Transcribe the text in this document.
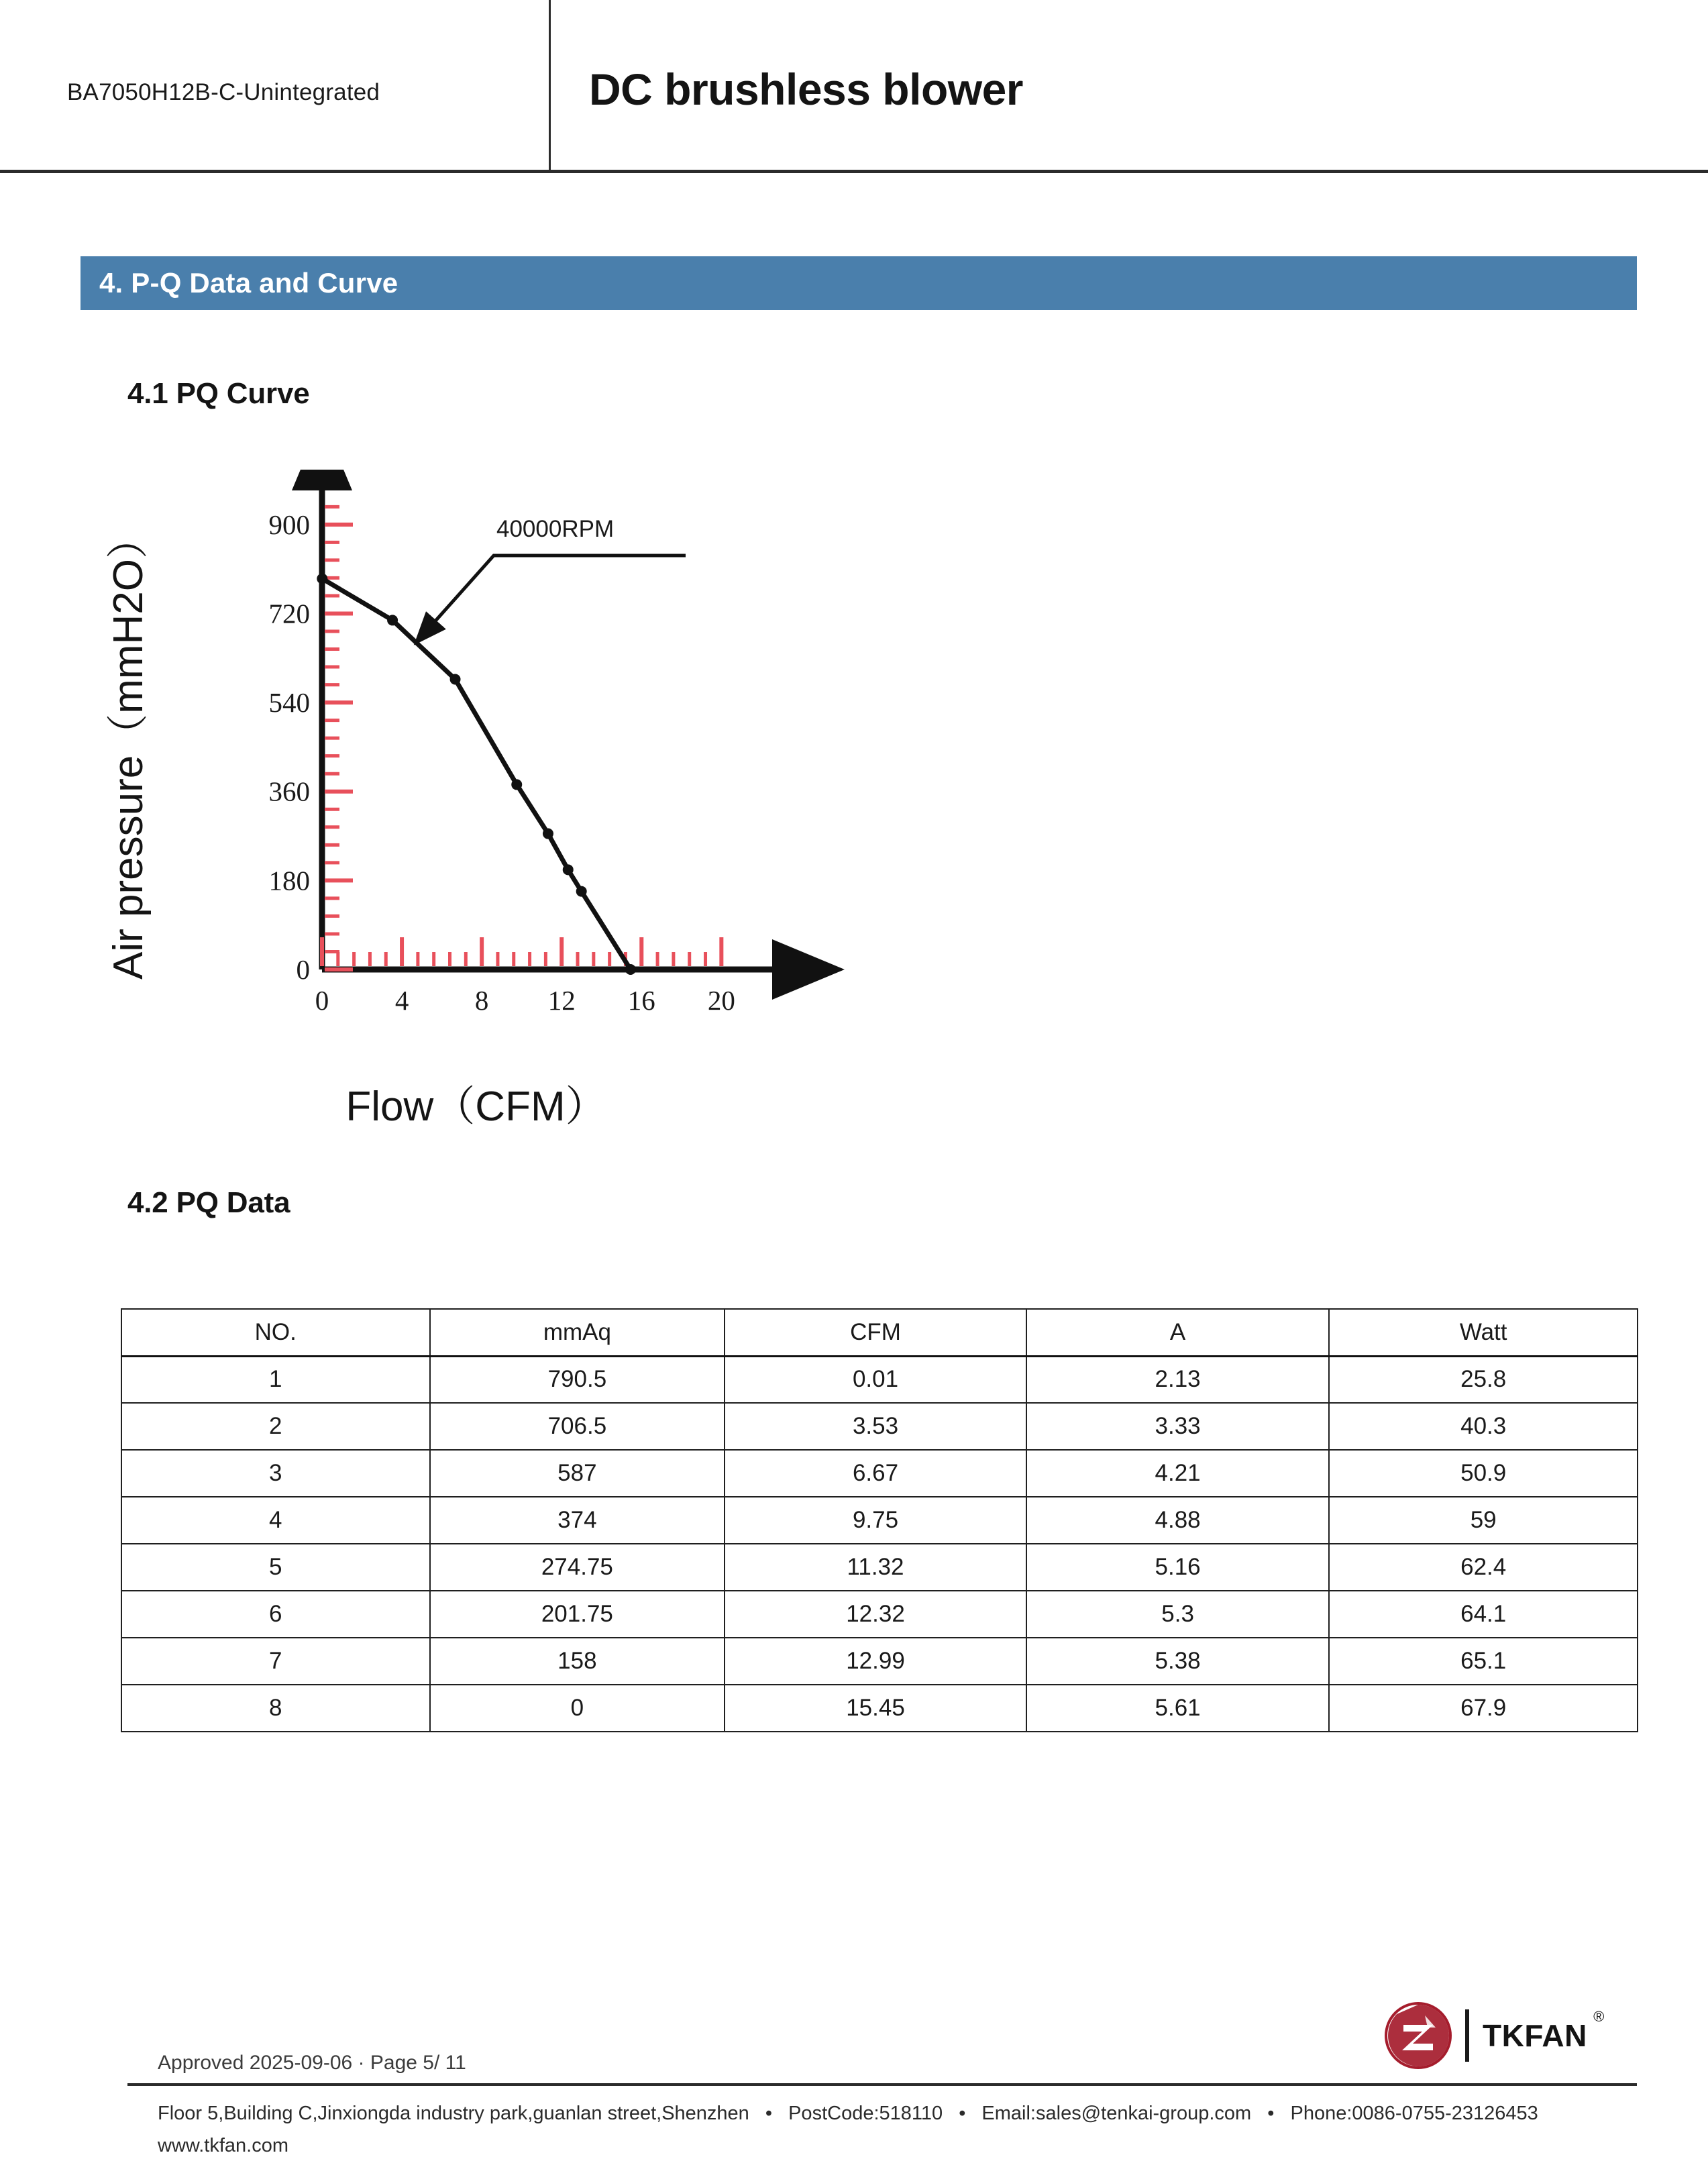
BA7050H12B-C-Unintegrated	DC brushless blower
4. P-Q Data and Curve
4.1 PQ Curve
Air pressure（mmH2O）
Flow（CFM）
0
180
360
540
720
900
0 4 8 12 16 20
40000RPM
4.2 PQ Data
NO.	mmAq	CFM	A	Watt
1	790.5	0.01	2.13	25.8
2	706.5	3.53	3.33	40.3
3	587	6.67	4.21	50.9
4	374	9.75	4.88	59
5	274.75	11.32	5.16	62.4
6	201.75	12.32	5.3	64.1
7	158	12.99	5.38	65.1
8	0	15.45	5.61	67.9
TKFAN
®
Approved 2025-09-06 · Page 5/ 11
Floor 5,Building C,Jinxiongda industry park,guanlan street,Shenzhen • PostCode:518110 • Email:sales@tenkai-group.com • Phone:0086-0755-23126453
www.tkfan.com
